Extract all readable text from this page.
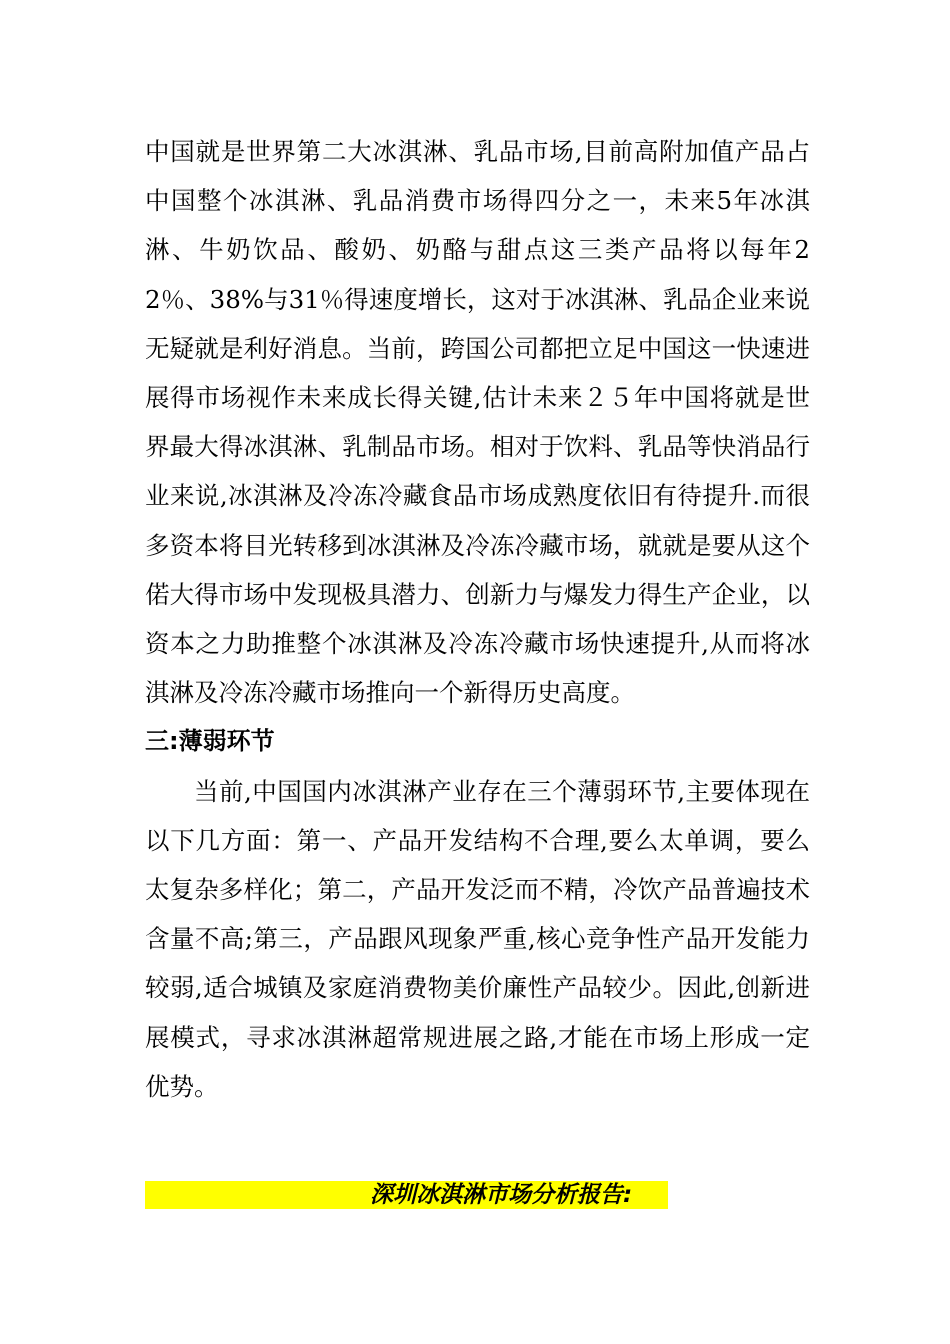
中国就是世界第二大冰淇淋、乳品市场,目前高附加值产品占中国整个冰淇淋、乳品消费市场得四分之一，未来5年冰淇淋、牛奶饮品、酸奶、奶酪与甜点这三类产品将以每年22％、38%与31％得速度增长，这对于冰淇淋、乳品企业来说无疑就是利好消息。当前，跨国公司都把立足中国这一快速进展得市场视作未来成长得关键,估计未来２５年中国将就是世界最大得冰淇淋、乳制品市场。相对于饮料、乳品等快消品行业来说,冰淇淋及冷冻冷藏食品市场成熟度依旧有待提升.而很多资本将目光转移到冰淇淋及冷冻冷藏市场，就就是要从这个偌大得市场中发现极具潜力、创新力与爆发力得生产企业，以资本之力助推整个冰淇淋及冷冻冷藏市场快速提升,从而将冰淇淋及冷冻冷藏市场推向一个新得历史高度。

三:薄弱环节

当前,中国国内冰淇淋产业存在三个薄弱环节,主要体现在以下几方面：第一、产品开发结构不合理,要么太单调，要么太复杂多样化；第二，产品开发泛而不精，冷饮产品普遍技术含量不高;第三，产品跟风现象严重,核心竞争性产品开发能力较弱,适合城镇及家庭消费物美价廉性产品较少。因此,创新进展模式，寻求冰淇淋超常规进展之路,才能在市场上形成一定优势。

深圳冰淇淋市场分析报告:
